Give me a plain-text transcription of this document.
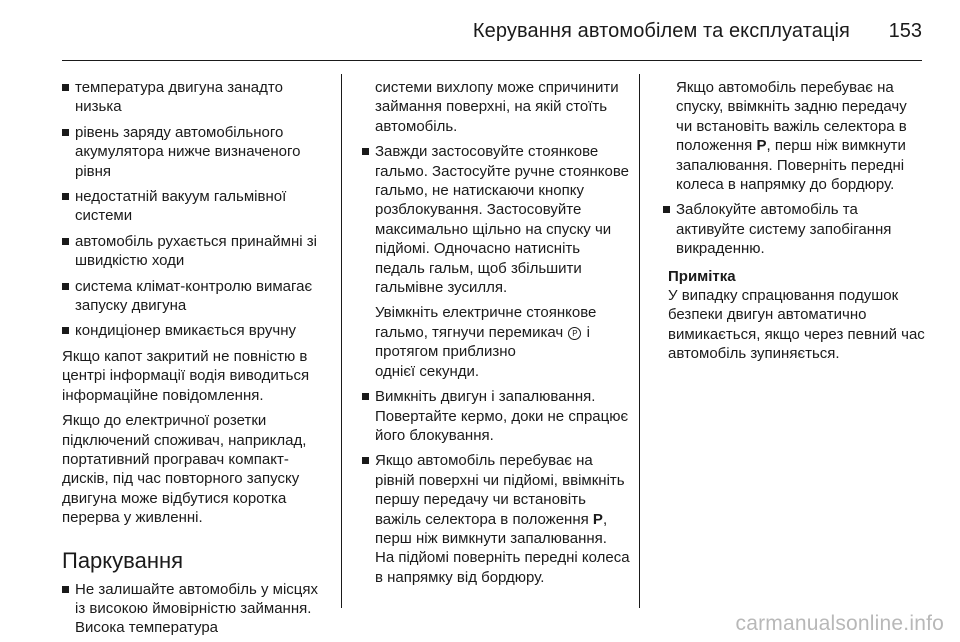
Керування автомобілем та експлуатація 153
температура двигуна занадто низька
рівень заряду автомобільного акумулятора нижче визначеного рівня
недостатній вакуум гальмівної системи
автомобіль рухається принаймні зі швидкістю ходи
система клімат-контролю вимагає запуску двигуна
кондиціонер вмикається вручну
Якщо капот закритий не повністю в центрі інформації водія виводиться інформаційне повідомлення.
Якщо до електричної розетки підключений споживач, наприклад, портативний програвач компакт-дисків, під час повторного запуску двигуна може відбутися коротка перерва у живленні.
Паркування
Не залишайте автомобіль у місцях із високою ймовірністю займання. Висока температура
системи вихлопу може спричинити займання поверхні, на якій стоїть автомобіль.
Завжди застосовуйте стоянкове гальмо. Застосуйте ручне стоянкове гальмо, не натискаючи кнопку розблокування. Застосовуйте максимально щільно на спуску чи підйомі. Одночасно натисніть педаль гальм, щоб збільшити гальмівне зусилля.
Увімкніть електричне стоянкове гальмо, тягнучи перемикач P і протягом приблизно
однієї секунди.
Вимкніть двигун і запалювання. Повертайте кермо, доки не спрацює його блокування.
Якщо автомобіль перебуває на рівній поверхні чи підйомі, ввімкніть першу передачу чи встановіть важіль селектора в положення P, перш ніж вимкнути запалювання. На підйомі поверніть передні колеса в напрямку від бордюру.
Якщо автомобіль перебуває на спуску, ввімкніть задню передачу чи встановіть важіль селектора в положення P, перш ніж вимкнути запалювання. Поверніть передні колеса в напрямку до бордюру.
Заблокуйте автомобіль та активуйте систему запобігання викраденню.
Примітка
У випадку спрацювання подушок безпеки двигун автоматично вимикається, якщо через певний час автомобіль зупиняється.
carmanualsonline.info
